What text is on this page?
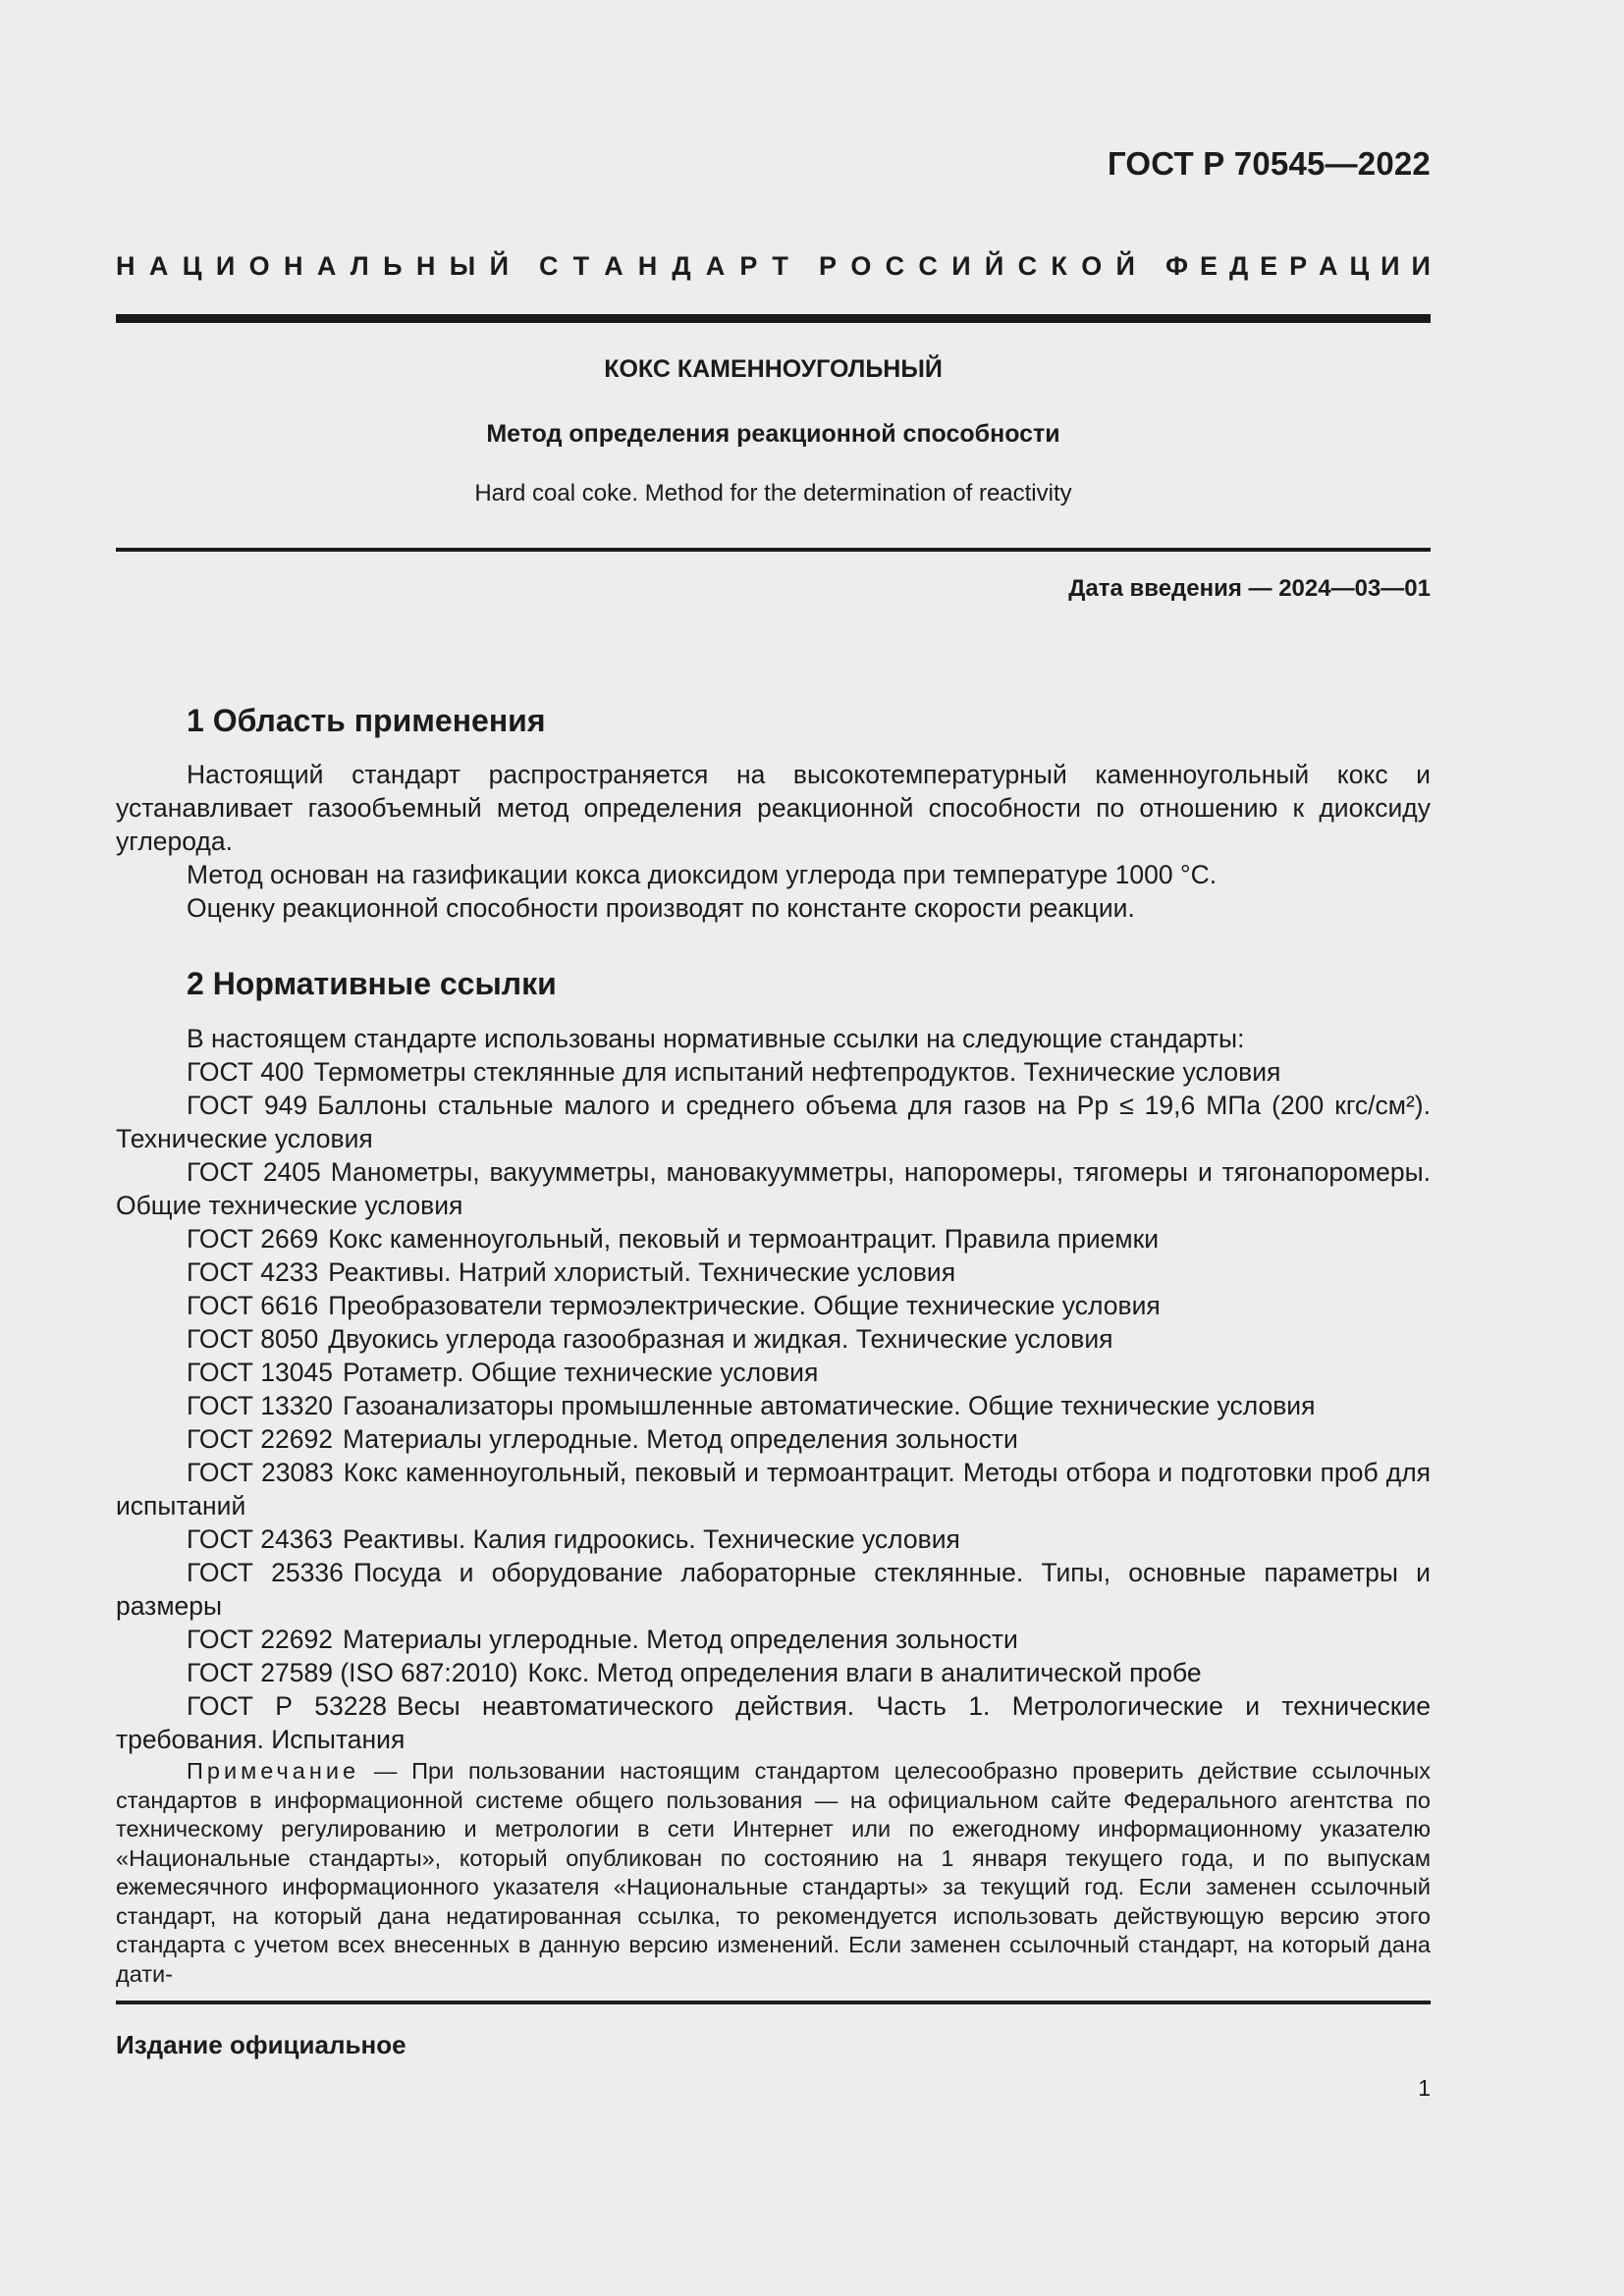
ГОСТ Р 70545—2022
Н А Ц И О Н А Л Ь Н Ы Й С Т А Н Д А Р Т Р О С С И Й С К О Й Ф Е Д Е Р А Ц И И
КОКС КАМЕННОУГОЛЬНЫЙ
Метод определения реакционной способности
Hard coal coke. Method for the determination of reactivity
Дата введения — 2024—03—01
1 Область применения

Настоящий стандарт распространяется на высокотемпературный каменноугольный кокс и устанавливает газообъемный метод определения реакционной способности по отношению к диоксиду углерода.

Метод основан на газификации кокса диоксидом углерода при температуре 1000 °С.

Оценку реакционной способности производят по константе скорости реакции.

2 Нормативные ссылки

В настоящем стандарте использованы нормативные ссылки на следующие стандарты:

ГОСТ 400 Термометры стеклянные для испытаний нефтепродуктов. Технические условия
ГОСТ 949 Баллоны стальные малого и среднего объема для газов на Рр ≤ 19,6 МПа (200 кгс/см²). Технические условия
ГОСТ 2405 Манометры, вакуумметры, мановакуумметры, напоромеры, тягомеры и тягонапоромеры. Общие технические условия
ГОСТ 2669 Кокс каменноугольный, пековый и термоантрацит. Правила приемки
ГОСТ 4233 Реактивы. Натрий хлористый. Технические условия
ГОСТ 6616 Преобразователи термоэлектрические. Общие технические условия
ГОСТ 8050 Двуокись углерода газообразная и жидкая. Технические условия
ГОСТ 13045 Ротаметр. Общие технические условия
ГОСТ 13320 Газоанализаторы промышленные автоматические. Общие технические условия
ГОСТ 22692 Материалы углеродные. Метод определения зольности
ГОСТ 23083 Кокс каменноугольный, пековый и термоантрацит. Методы отбора и подготовки проб для испытаний
ГОСТ 24363 Реактивы. Калия гидроокись. Технические условия
ГОСТ 25336 Посуда и оборудование лабораторные стеклянные. Типы, основные параметры и размеры
ГОСТ 22692 Материалы углеродные. Метод определения зольности
ГОСТ 27589 (ISO 687:2010) Кокс. Метод определения влаги в аналитической пробе
ГОСТ Р 53228 Весы неавтоматического действия. Часть 1. Метрологические и технические требования. Испытания

Примечание — При пользовании настоящим стандартом целесообразно проверить действие ссылочных стандартов в информационной системе общего пользования — на официальном сайте Федерального агентства по техническому регулированию и метрологии в сети Интернет или по ежегодному информационному указателю «Национальные стандарты», который опубликован по состоянию на 1 января текущего года, и по выпускам ежемесячного информационного указателя «Национальные стандарты» за текущий год. Если заменен ссылочный стандарт, на который дана недатированная ссылка, то рекомендуется использовать действующую версию этого стандарта с учетом всех внесенных в данную версию изменений. Если заменен ссылочный стандарт, на который дана дати-

Издание официальное
1
